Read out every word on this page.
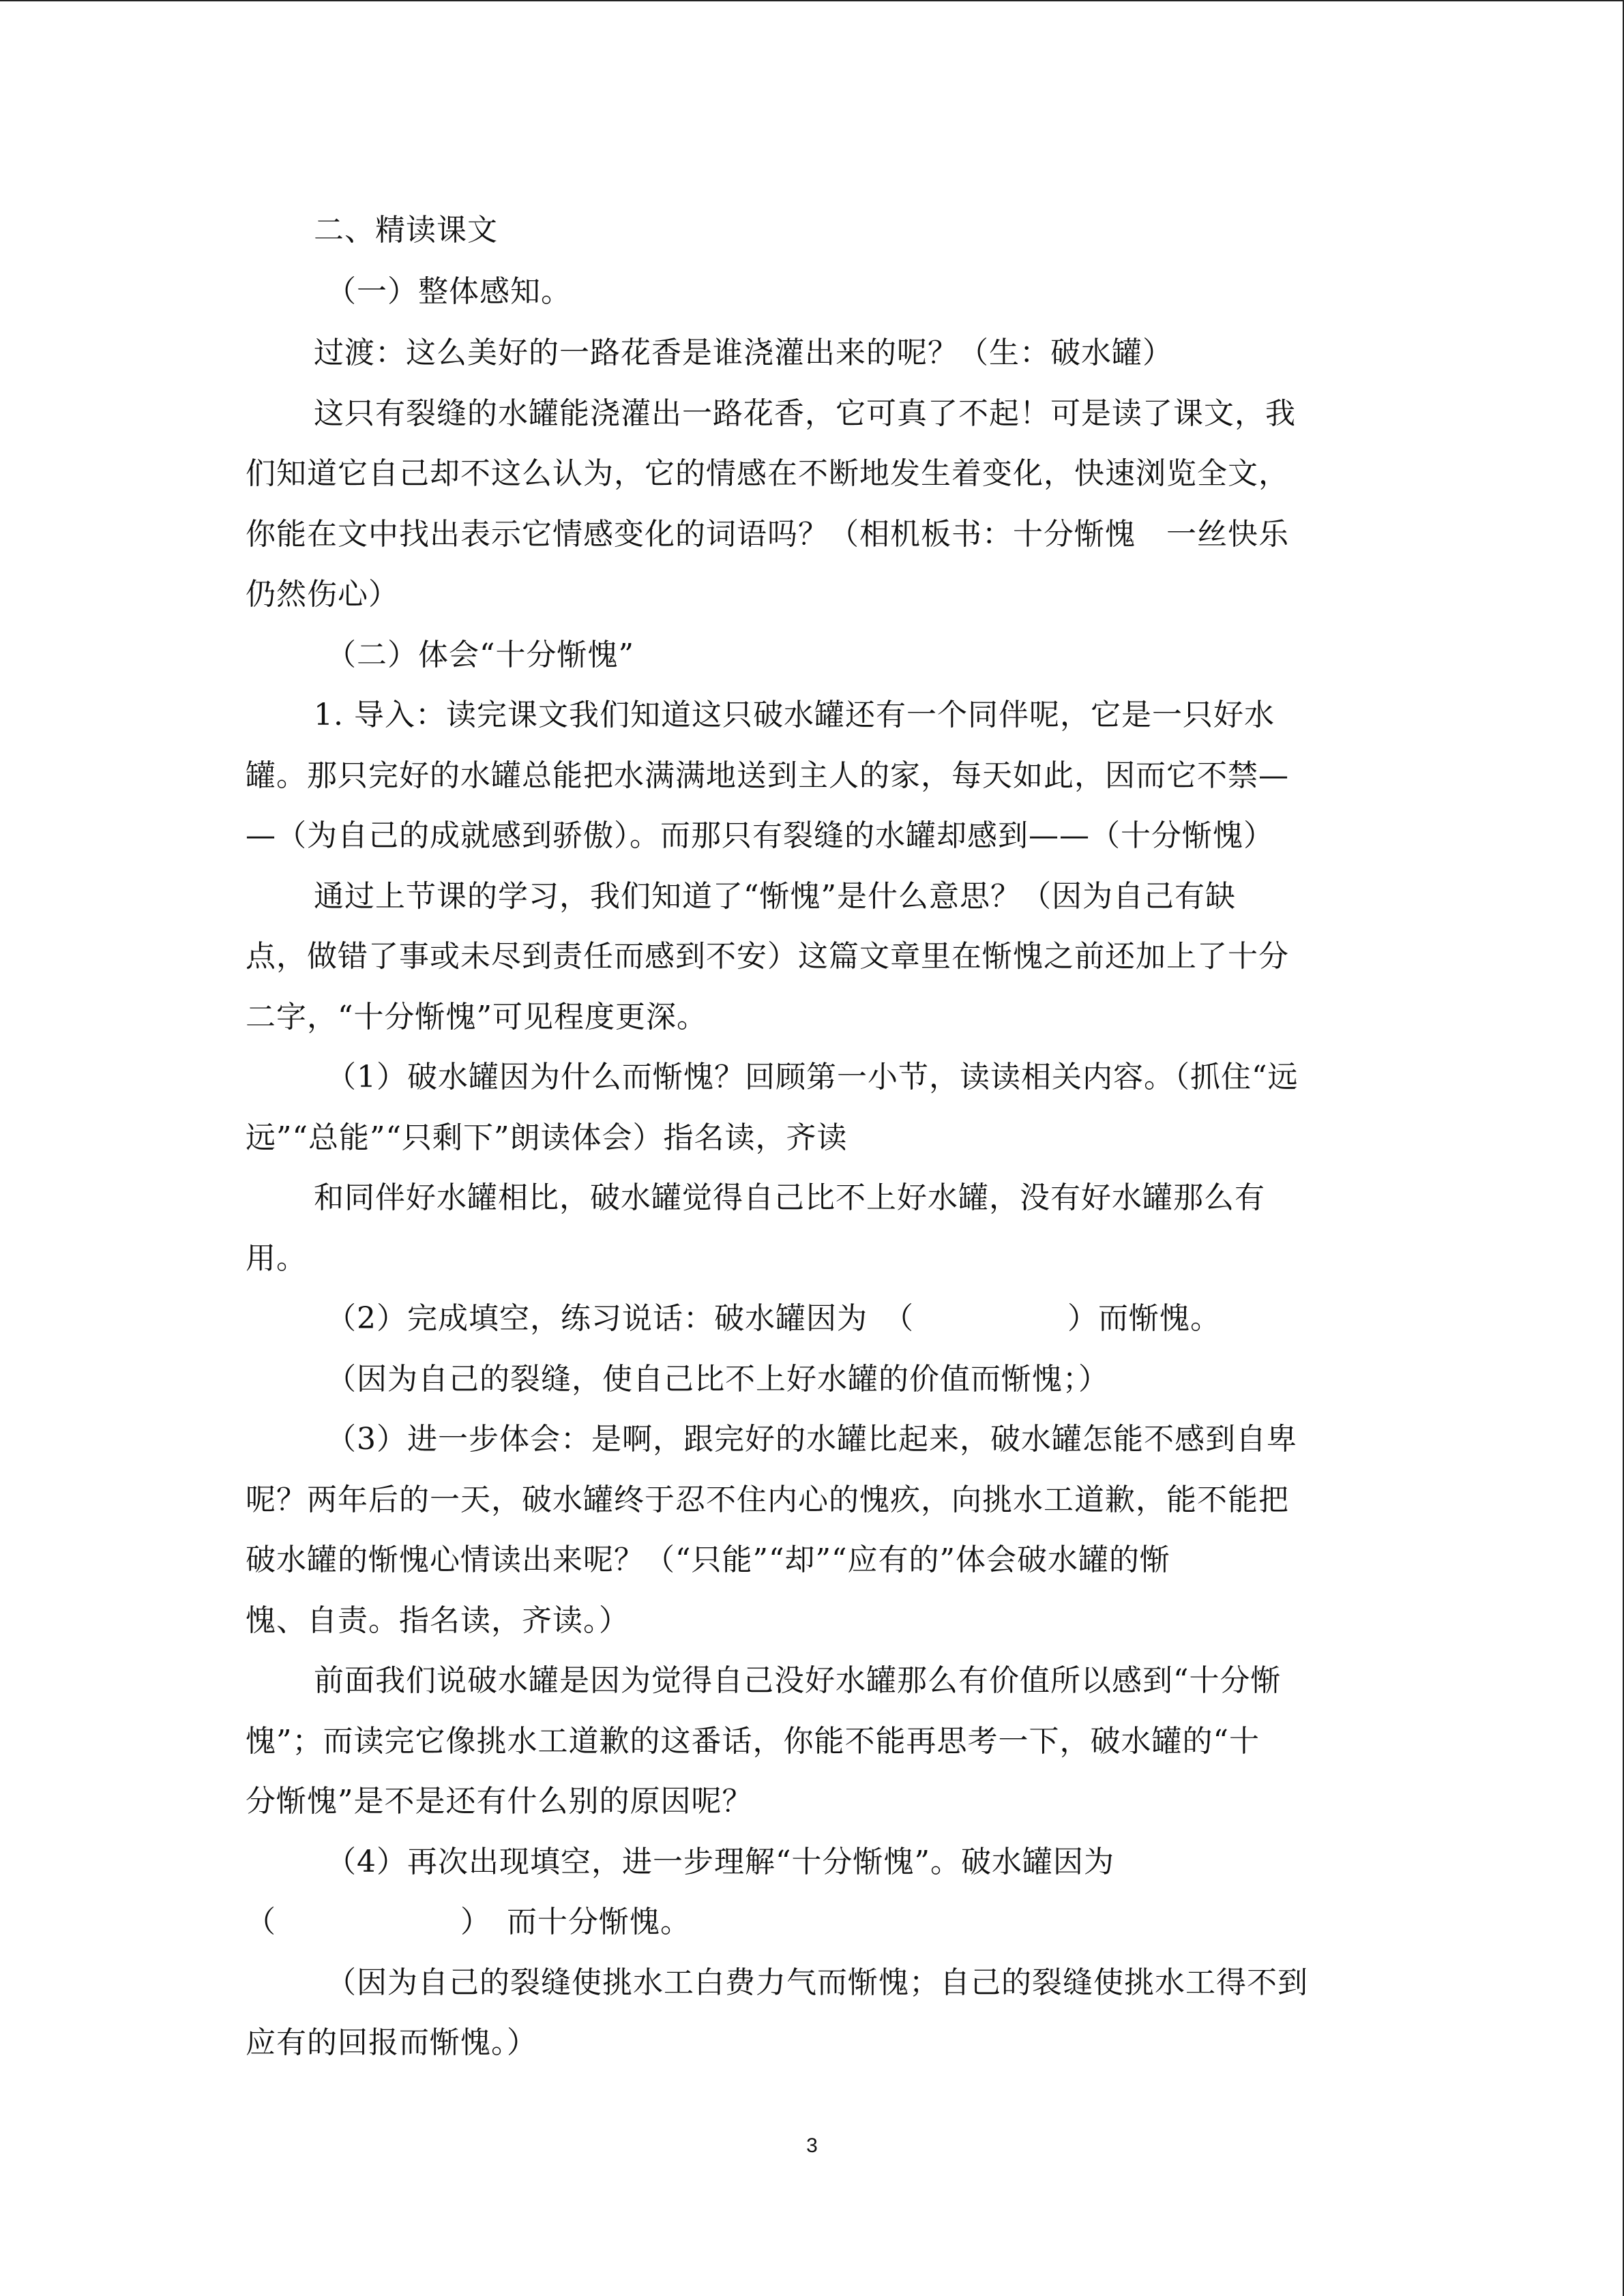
二、精读课文
（一）整体感知。
过渡：这么美好的一路花香是谁浇灌出来的呢？（生：破水罐）
这只有裂缝的水罐能浇灌出一路花香，它可真了不起！可是读了课文，我
们知道它自己却不这么认为，它的情感在不断地发生着变化，快速浏览全文，
你能在文中找出表示它情感变化的词语吗？（相机板书：十分惭愧　一丝快乐
仍然伤心）
（二）体会“十分惭愧”
1. 导入：读完课文我们知道这只破水罐还有一个同伴呢，它是一只好水
罐。那只完好的水罐总能把水满满地送到主人的家，每天如此，因而它不禁—
—（为自己的成就感到骄傲）。而那只有裂缝的水罐却感到——（十分惭愧）
通过上节课的学习，我们知道了“惭愧”是什么意思？（因为自己有缺
点，做错了事或未尽到责任而感到不安）这篇文章里在惭愧之前还加上了十分
二字，“十分惭愧”可见程度更深。
（1）破水罐因为什么而惭愧？回顾第一小节，读读相关内容。（抓住“远
远”“总能”“只剩下”朗读体会）指名读，齐读
和同伴好水罐相比，破水罐觉得自己比不上好水罐，没有好水罐那么有
用。
（2）完成填空，练习说话：破水罐因为　（　　　　　）而惭愧。
（因为自己的裂缝，使自己比不上好水罐的价值而惭愧；）
（3）进一步体会：是啊，跟完好的水罐比起来，破水罐怎能不感到自卑
呢？两年后的一天，破水罐终于忍不住内心的愧疚，向挑水工道歉，能不能把
破水罐的惭愧心情读出来呢？（“只能”“却”“应有的”体会破水罐的惭
愧、自责。指名读，齐读。）
前面我们说破水罐是因为觉得自己没好水罐那么有价值所以感到“十分惭
愧”；而读完它像挑水工道歉的这番话，你能不能再思考一下，破水罐的“十
分惭愧”是不是还有什么别的原因呢？
（4）再次出现填空，进一步理解“十分惭愧”。破水罐因为
（　　　　　　）　而十分惭愧。
（因为自己的裂缝使挑水工白费力气而惭愧；自己的裂缝使挑水工得不到
应有的回报而惭愧。）
3
